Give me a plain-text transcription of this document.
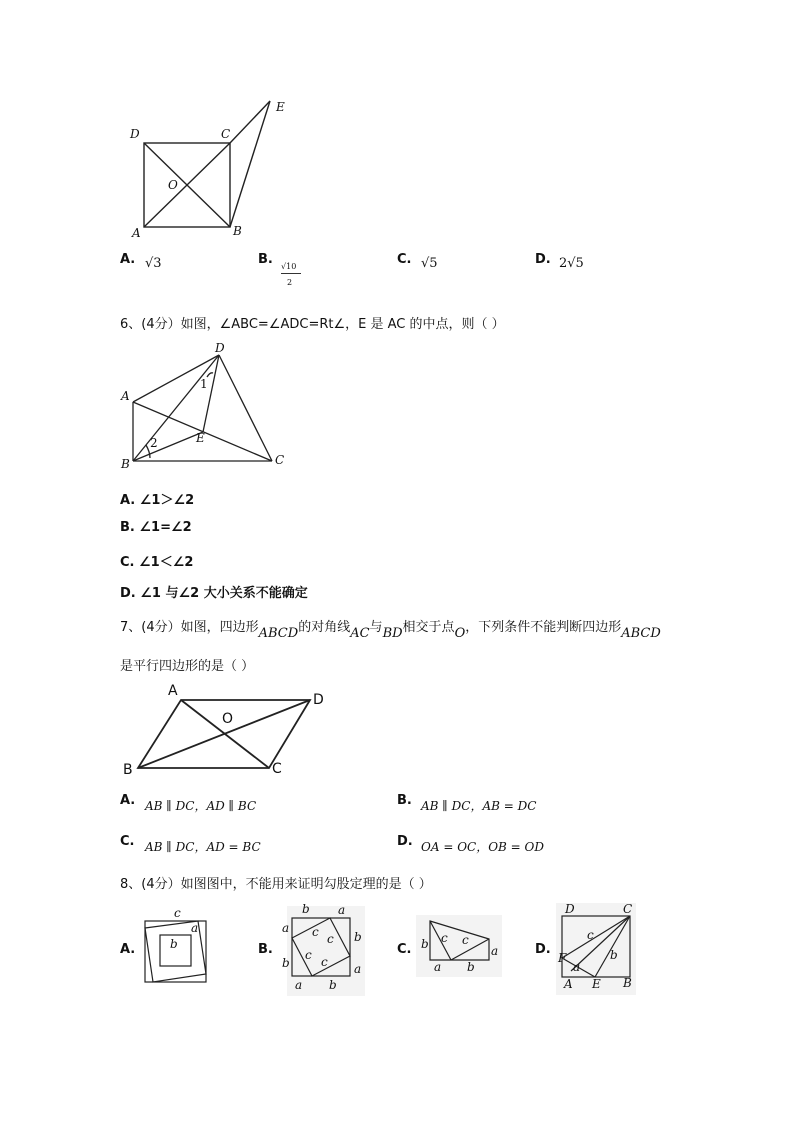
D	C
E
O
A	B
A. √3	B. √10
2
C. √5	D. 2√5
6、(4分）如图，∠ABC=∠ADC=Rt∠，E 是 AC 的中点，则（ ）
D
A
1
2	E
B	C
A. ∠1＞∠2
B. ∠1=∠2
C. ∠1＜∠2
D. ∠1 与∠2 大小关系不能确定
7、(4分）如图，四边形ABCD的对角线AC与BD相交于点O，下列条件不能判断四边形ABCD
是平行四边形的是（ ）
A
D
O
B	C
A. AB ∥ DC，AD ∥ BC	B. AB ∥ DC，AB = DC
C. AB ∥ DC，AD = BC	D. OA = OC，OB = OD
8、(4分）如图图中，不能用来证明勾股定理的是（ ）
A.
c
a
b	B.
b a
a
b
b
a
a b
c c
c c
C. b c c
a
a b
D.
D	C
c
b
F
a
A E B
